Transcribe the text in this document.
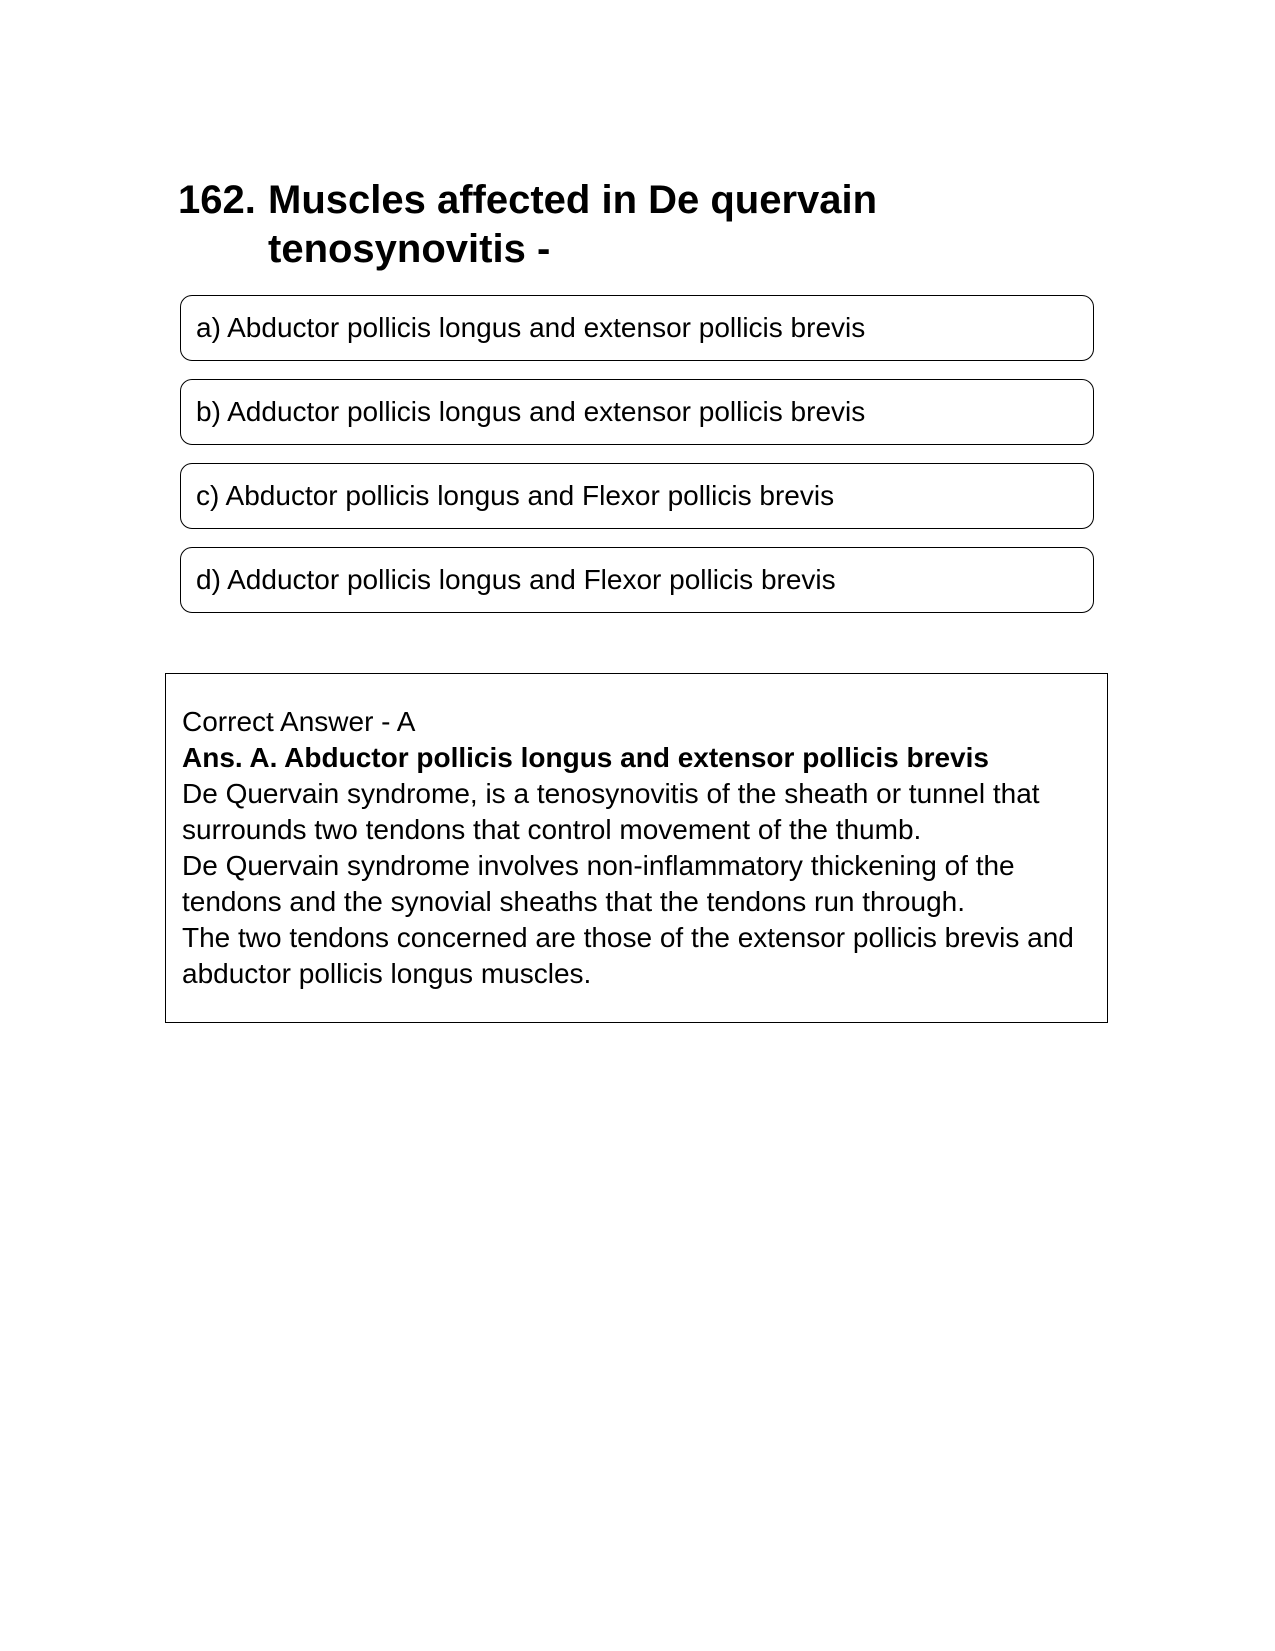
162. Muscles affected in De quervain tenosynovitis -
a) Abductor pollicis longus and extensor pollicis brevis
b) Adductor pollicis longus and extensor pollicis brevis
c) Abductor pollicis longus and Flexor pollicis brevis
d) Adductor pollicis longus and Flexor pollicis brevis

Correct Answer - A

Ans. A. Abductor pollicis longus and extensor pollicis brevis

De Quervain syndrome, is a tenosynovitis of the sheath or tunnel that surrounds two tendons that control movement of the thumb.

De Quervain syndrome involves non-inflammatory thickening of the tendons and the synovial sheaths that the tendons run through.

The two tendons concerned are those of the extensor pollicis brevis and abductor pollicis longus muscles.
